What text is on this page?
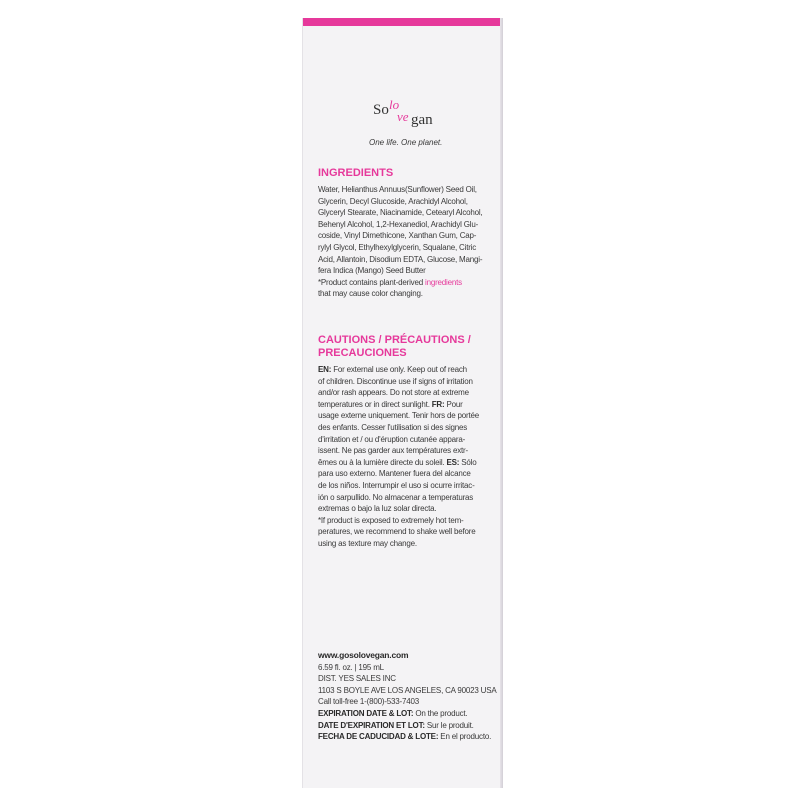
So lo
ve gan
One life. One planet.
INGREDIENTS
Water, Helianthus Annuus(Sunflower) Seed Oil,
Glycerin, Decyl Glucoside, Arachidyl Alcohol,
Glyceryl Stearate, Niacinamide, Cetearyl Alcohol,
Behenyl Alcohol, 1,2-Hexanediol, Arachidyl Glu-
coside, Vinyl Dimethicone, Xanthan Gum, Cap-
rylyl Glycol, Ethylhexylglycerin, Squalane, Citric
Acid, Allantoin, Disodium EDTA, Glucose, Mangi-
fera Indica (Mango) Seed Butter
*Product contains plant-derived ingredients
that may cause color changing.
CAUTIONS / PRÉCAUTIONS /
PRECAUCIONES
EN: For external use only. Keep out of reach
of children. Discontinue use if signs of irritation
and/or rash appears. Do not store at extreme
temperatures or in direct sunlight. FR: Pour
usage externe uniquement. Tenir hors de portée
des enfants. Cesser l'utilisation si des signes
d'irritation et / ou d'éruption cutanée appara-
issent. Ne pas garder aux températures extr-
êmes ou à la lumière directe du soleil. ES: Sólo
para uso externo. Mantener fuera del alcance
de los niños. Interrumpir el uso si ocurre irritac-
ión o sarpullido. No almacenar a temperaturas
extremas o bajo la luz solar directa.
*If product is exposed to extremely hot tem-
peratures, we recommend to shake well before
using as texture may change.
www.gosolovegan.com
6.59 fl. oz. | 195 mL
DIST. YES SALES INC
1103 S BOYLE AVE LOS ANGELES, CA 90023 USA
Call toll-free 1-(800)-533-7403
EXPIRATION DATE & LOT: On the product.
DATE D'EXPIRATION ET LOT: Sur le produit.
FECHA DE CADUCIDAD & LOTE: En el producto.
